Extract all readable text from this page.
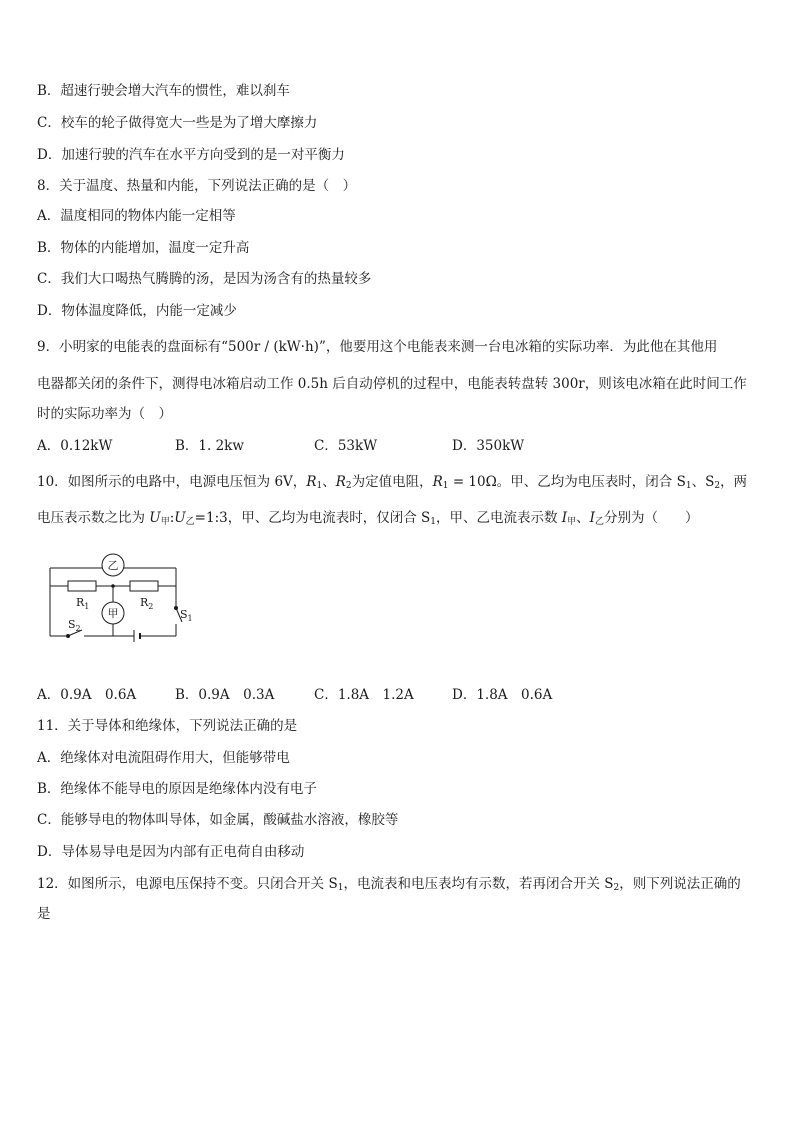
B．超速行驶会增大汽车的惯性，难以刹车
C．校车的轮子做得宽大一些是为了增大摩擦力
D．加速行驶的汽车在水平方向受到的是一对平衡力
8．关于温度、热量和内能，下列说法正确的是（　）
A．温度相同的物体内能一定相等
B．物体的内能增加，温度一定升高
C．我们大口喝热气腾腾的汤，是因为汤含有的热量较多
D．物体温度降低，内能一定减少
9．小明家的电能表的盘面标有“500r / (kW·h)”，他要用这个电能表来测一台电冰箱的实际功率．为此他在其他用
电器都关闭的条件下，测得电冰箱启动工作 0.5h 后自动停机的过程中，电能表转盘转 300r，则该电冰箱在此时间工作
时的实际功率为（　）
A．0.12kW	B．1. 2kw	C．53kW	D．350kW
10．如图所示的电路中，电源电压恒为 6V，$R_1$、$R_2$为定值电阻，$R_1 = 10\Omega$。甲、乙均为电压表时，闭合 $S_1$、$S_2$，两
电压表示数之比为 $U_甲:U_乙=1:3$，甲、乙均为电流表时，仅闭合 $S_1$，甲、乙电流表示数 $I_甲$、$I_乙$分别为（　　）
乙
甲
$R_1$	$R_2$
$S_1$
$S_2$
A．0.9A　0.6A	B．0.9A　0.3A	C．1.8A　1.2A	D．1.8A　0.6A
11．关于导体和绝缘体，下列说法正确的是
A．绝缘体对电流阻碍作用大，但能够带电
B．绝缘体不能导电的原因是绝缘体内没有电子
C．能够导电的物体叫导体，如金属，酸碱盐水溶液，橡胶等
D．导体易导电是因为内部有正电荷自由移动
12．如图所示，电源电压保持不变。只闭合开关 $S_1$，电流表和电压表均有示数，若再闭合开关 $S_2$，则下列说法正确的
是
